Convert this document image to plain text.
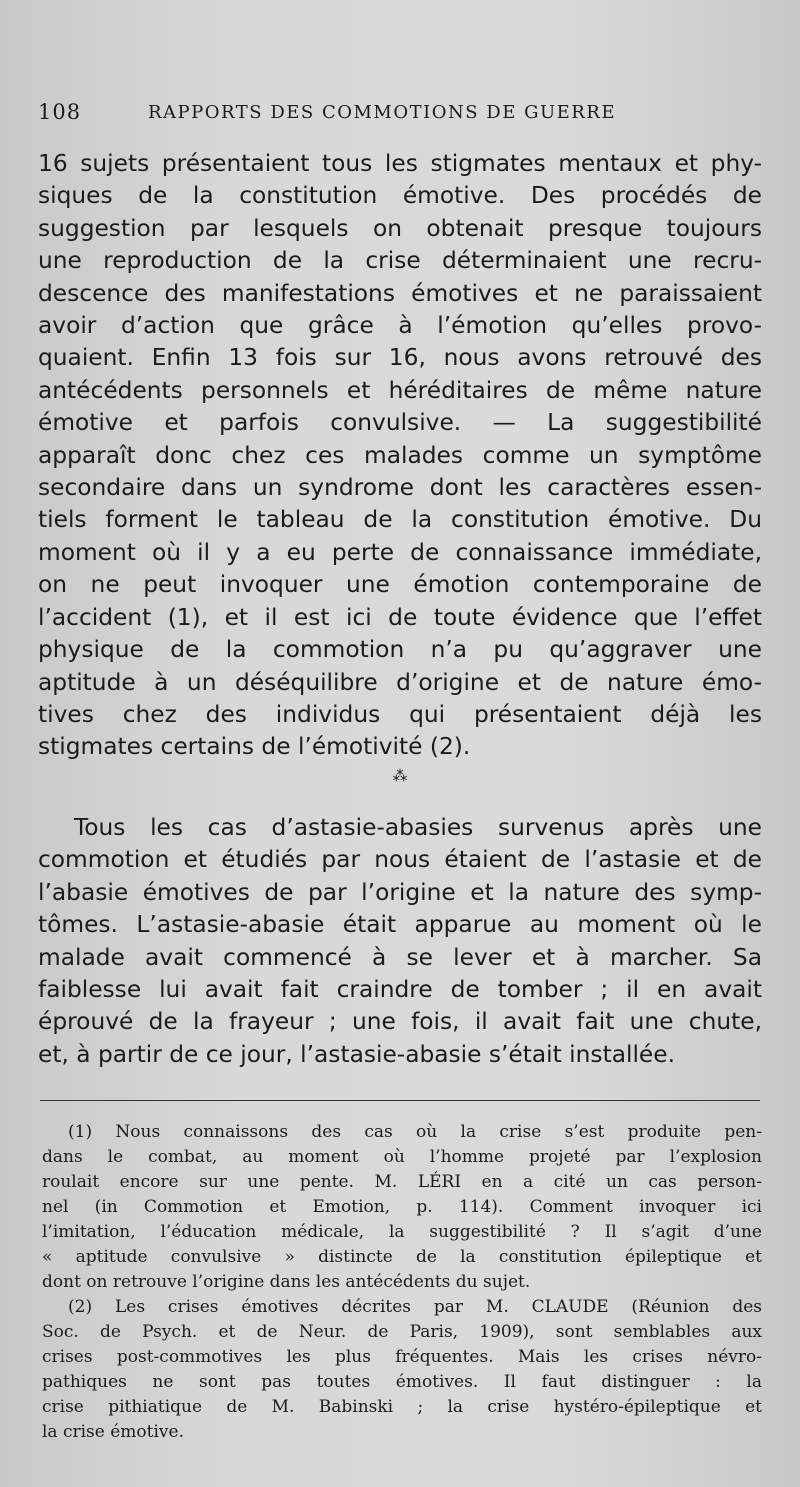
108	RAPPORTS DES COMMOTIONS DE GUERRE
16 sujets présentaient tous les stigmates mentaux et phy-
siques de la constitution émotive. Des procédés de
suggestion par lesquels on obtenait presque toujours
une reproduction de la crise déterminaient une recru-
descence des manifestations émotives et ne paraissaient
avoir d’action que grâce à l’émotion qu’elles provo-
quaient. Enfin 13 fois sur 16, nous avons retrouvé des
antécédents personnels et héréditaires de même nature
émotive et parfois convulsive. — La suggestibilité
apparaît donc chez ces malades comme un symptôme
secondaire dans un syndrome dont les caractères essen-
tiels forment le tableau de la constitution émotive. Du
moment où il y a eu perte de connaissance immédiate,
on ne peut invoquer une émotion contemporaine de
l’accident (1), et il est ici de toute évidence que l’effet
physique de la commotion n’a pu qu’aggraver une
aptitude à un déséquilibre d’origine et de nature émo-
tives chez des individus qui présentaient déjà les
stigmates certains de l’émotivité (2).
⁂
Tous les cas d’astasie-abasies survenus après une
commotion et étudiés par nous étaient de l’astasie et de
l’abasie émotives de par l’origine et la nature des symp-
tômes. L’astasie-abasie était apparue au moment où le
malade avait commencé à se lever et à marcher. Sa
faiblesse lui avait fait craindre de tomber ; il en avait
éprouvé de la frayeur ; une fois, il avait fait une chute,
et, à partir de ce jour, l’astasie-abasie s’était installée.
(1) Nous connaissons des cas où la crise s’est produite pen-
dans le combat, au moment où l’homme projeté par l’explosion
roulait encore sur une pente. M. LÉRI en a cité un cas person-
nel (in Commotion et Emotion, p. 114). Comment invoquer ici
l’imitation, l’éducation médicale, la suggestibilité ? Il s’agit d’une
« aptitude convulsive » distincte de la constitution épileptique et
dont on retrouve l’origine dans les antécédents du sujet.
(2) Les crises émotives décrites par M. CLAUDE (Réunion des
Soc. de Psych. et de Neur. de Paris, 1909), sont semblables aux
crises post-commotives les plus fréquentes. Mais les crises névro-
pathiques ne sont pas toutes émotives. Il faut distinguer : la
crise pithiatique de M. Babinski ; la crise hystéro-épileptique et
la crise émotive.
